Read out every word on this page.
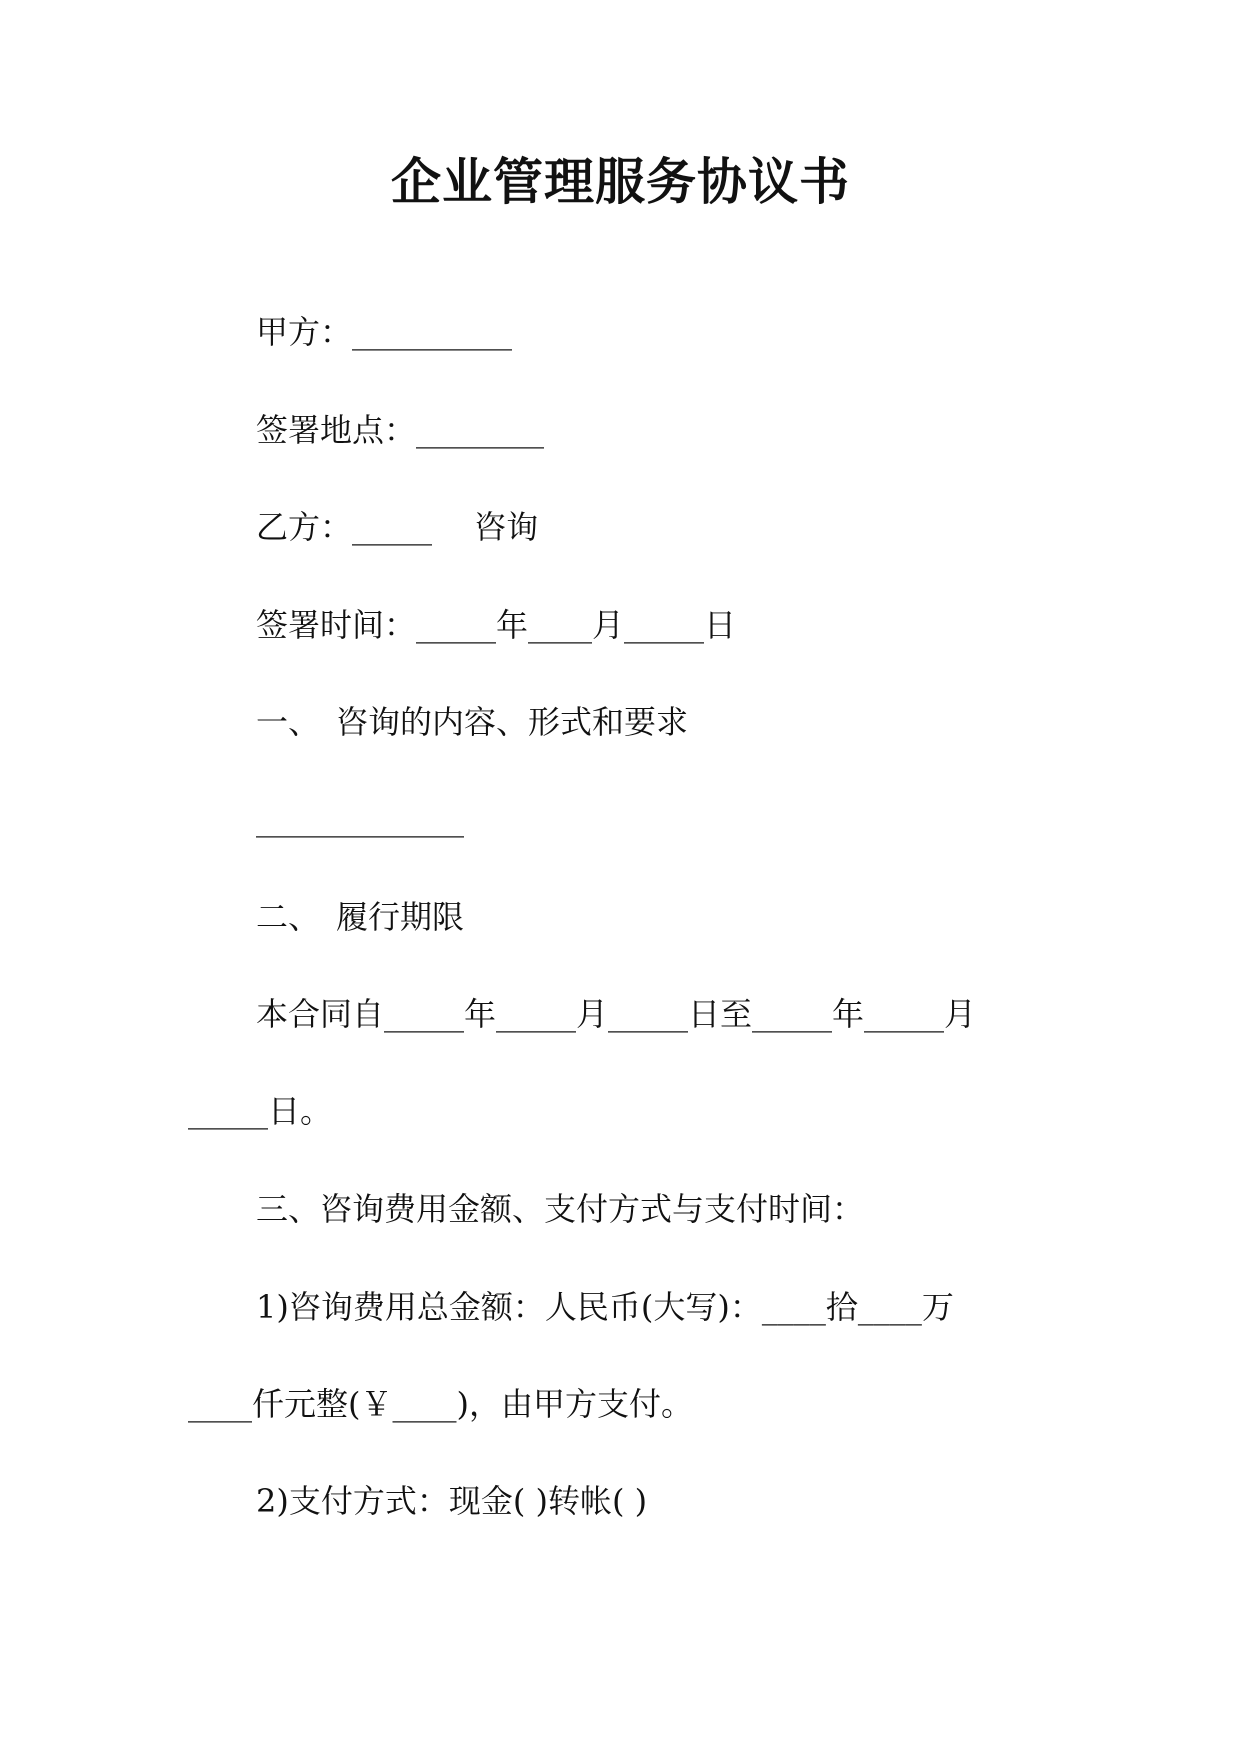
企业管理服务协议书
甲方：__________
签署地点：________
乙方：_____　 咨询
签署时间：_____年____月_____日
一、　咨询的内容、形式和要求
_____________
二、　履行期限
本合同自_____年_____月_____日至_____年_____月
_____日。
三、咨询费用金额、支付方式与支付时间：
1)咨询费用总金额：人民币(大写)：____拾____万
____仟元整(￥____)，由甲方支付。
2)支付方式：现金( )转帐( )
